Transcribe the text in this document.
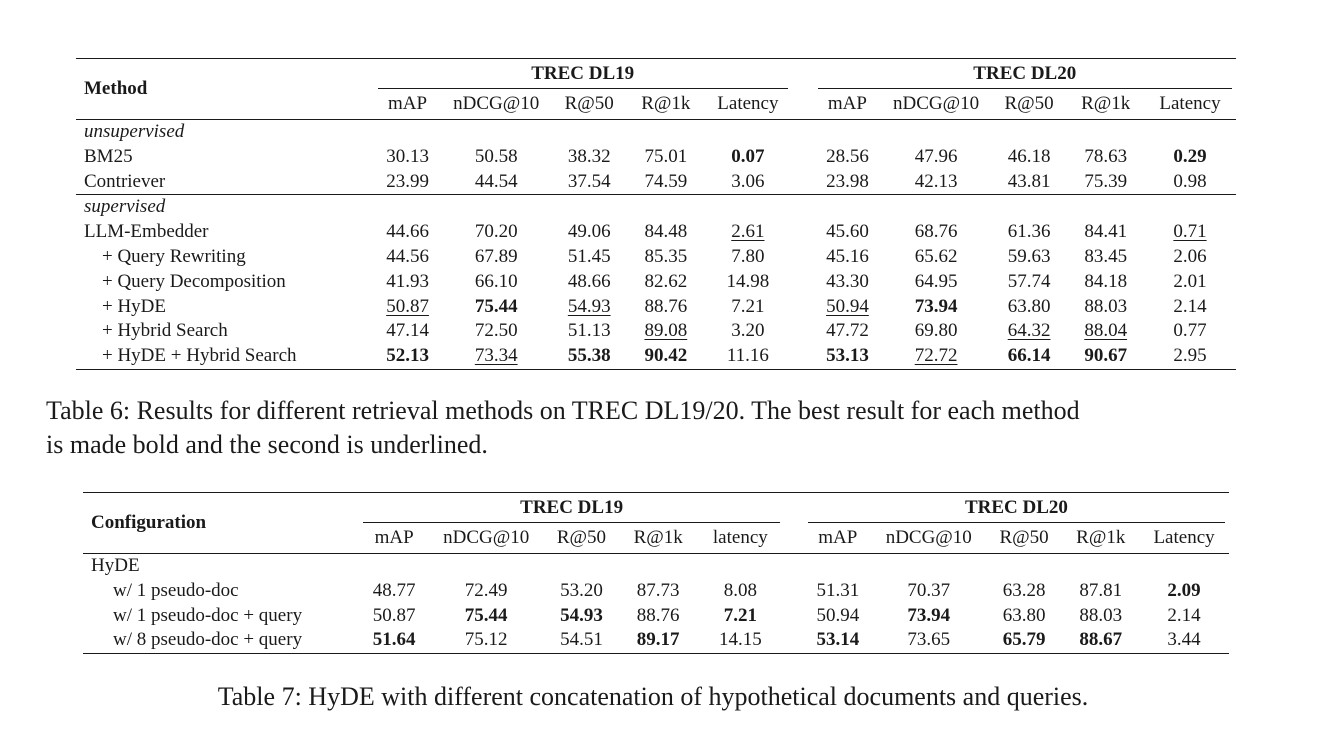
Method	TREC DL19						TREC DL20				

	mAP	nDCG@10	R@50	R@1k	Latency		mAP	nDCG@10	R@50	R@1k	Latency
unsupervised											
BM25	30.13	50.58	38.32	75.01	0.07		28.56	47.96	46.18	78.63	0.29
Contriever	23.99	44.54	37.54	74.59	3.06		23.98	42.13	43.81	75.39	0.98
supervised											
LLM-Embedder	44.66	70.20	49.06	84.48	2.61		45.60	68.76	61.36	84.41	0.71
+ Query Rewriting	44.56	67.89	51.45	85.35	7.80		45.16	65.62	59.63	83.45	2.06
+ Query Decomposition	41.93	66.10	48.66	82.62	14.98		43.30	64.95	57.74	84.18	2.01
+ HyDE	50.87	75.44	54.93	88.76	7.21		50.94	73.94	63.80	88.03	2.14
+ Hybrid Search	47.14	72.50	51.13	89.08	3.20		47.72	69.80	64.32	88.04	0.77
+ HyDE + Hybrid Search	52.13	73.34	55.38	90.42	11.16		53.13	72.72	66.14	90.67	2.95

Table 6: Results for different retrieval methods on TREC DL19/20. The best result for each method
is made bold and the second is underlined.

Configuration	TREC DL19						TREC DL20				

	mAP	nDCG@10	R@50	R@1k	latency		mAP	nDCG@10	R@50	R@1k	Latency
HyDE											
w/ 1 pseudo-doc	48.77	72.49	53.20	87.73	8.08		51.31	70.37	63.28	87.81	2.09
w/ 1 pseudo-doc + query	50.87	75.44	54.93	88.76	7.21		50.94	73.94	63.80	88.03	2.14
w/ 8 pseudo-doc + query	51.64	75.12	54.51	89.17	14.15		53.14	73.65	65.79	88.67	3.44

Table 7: HyDE with different concatenation of hypothetical documents and queries.
